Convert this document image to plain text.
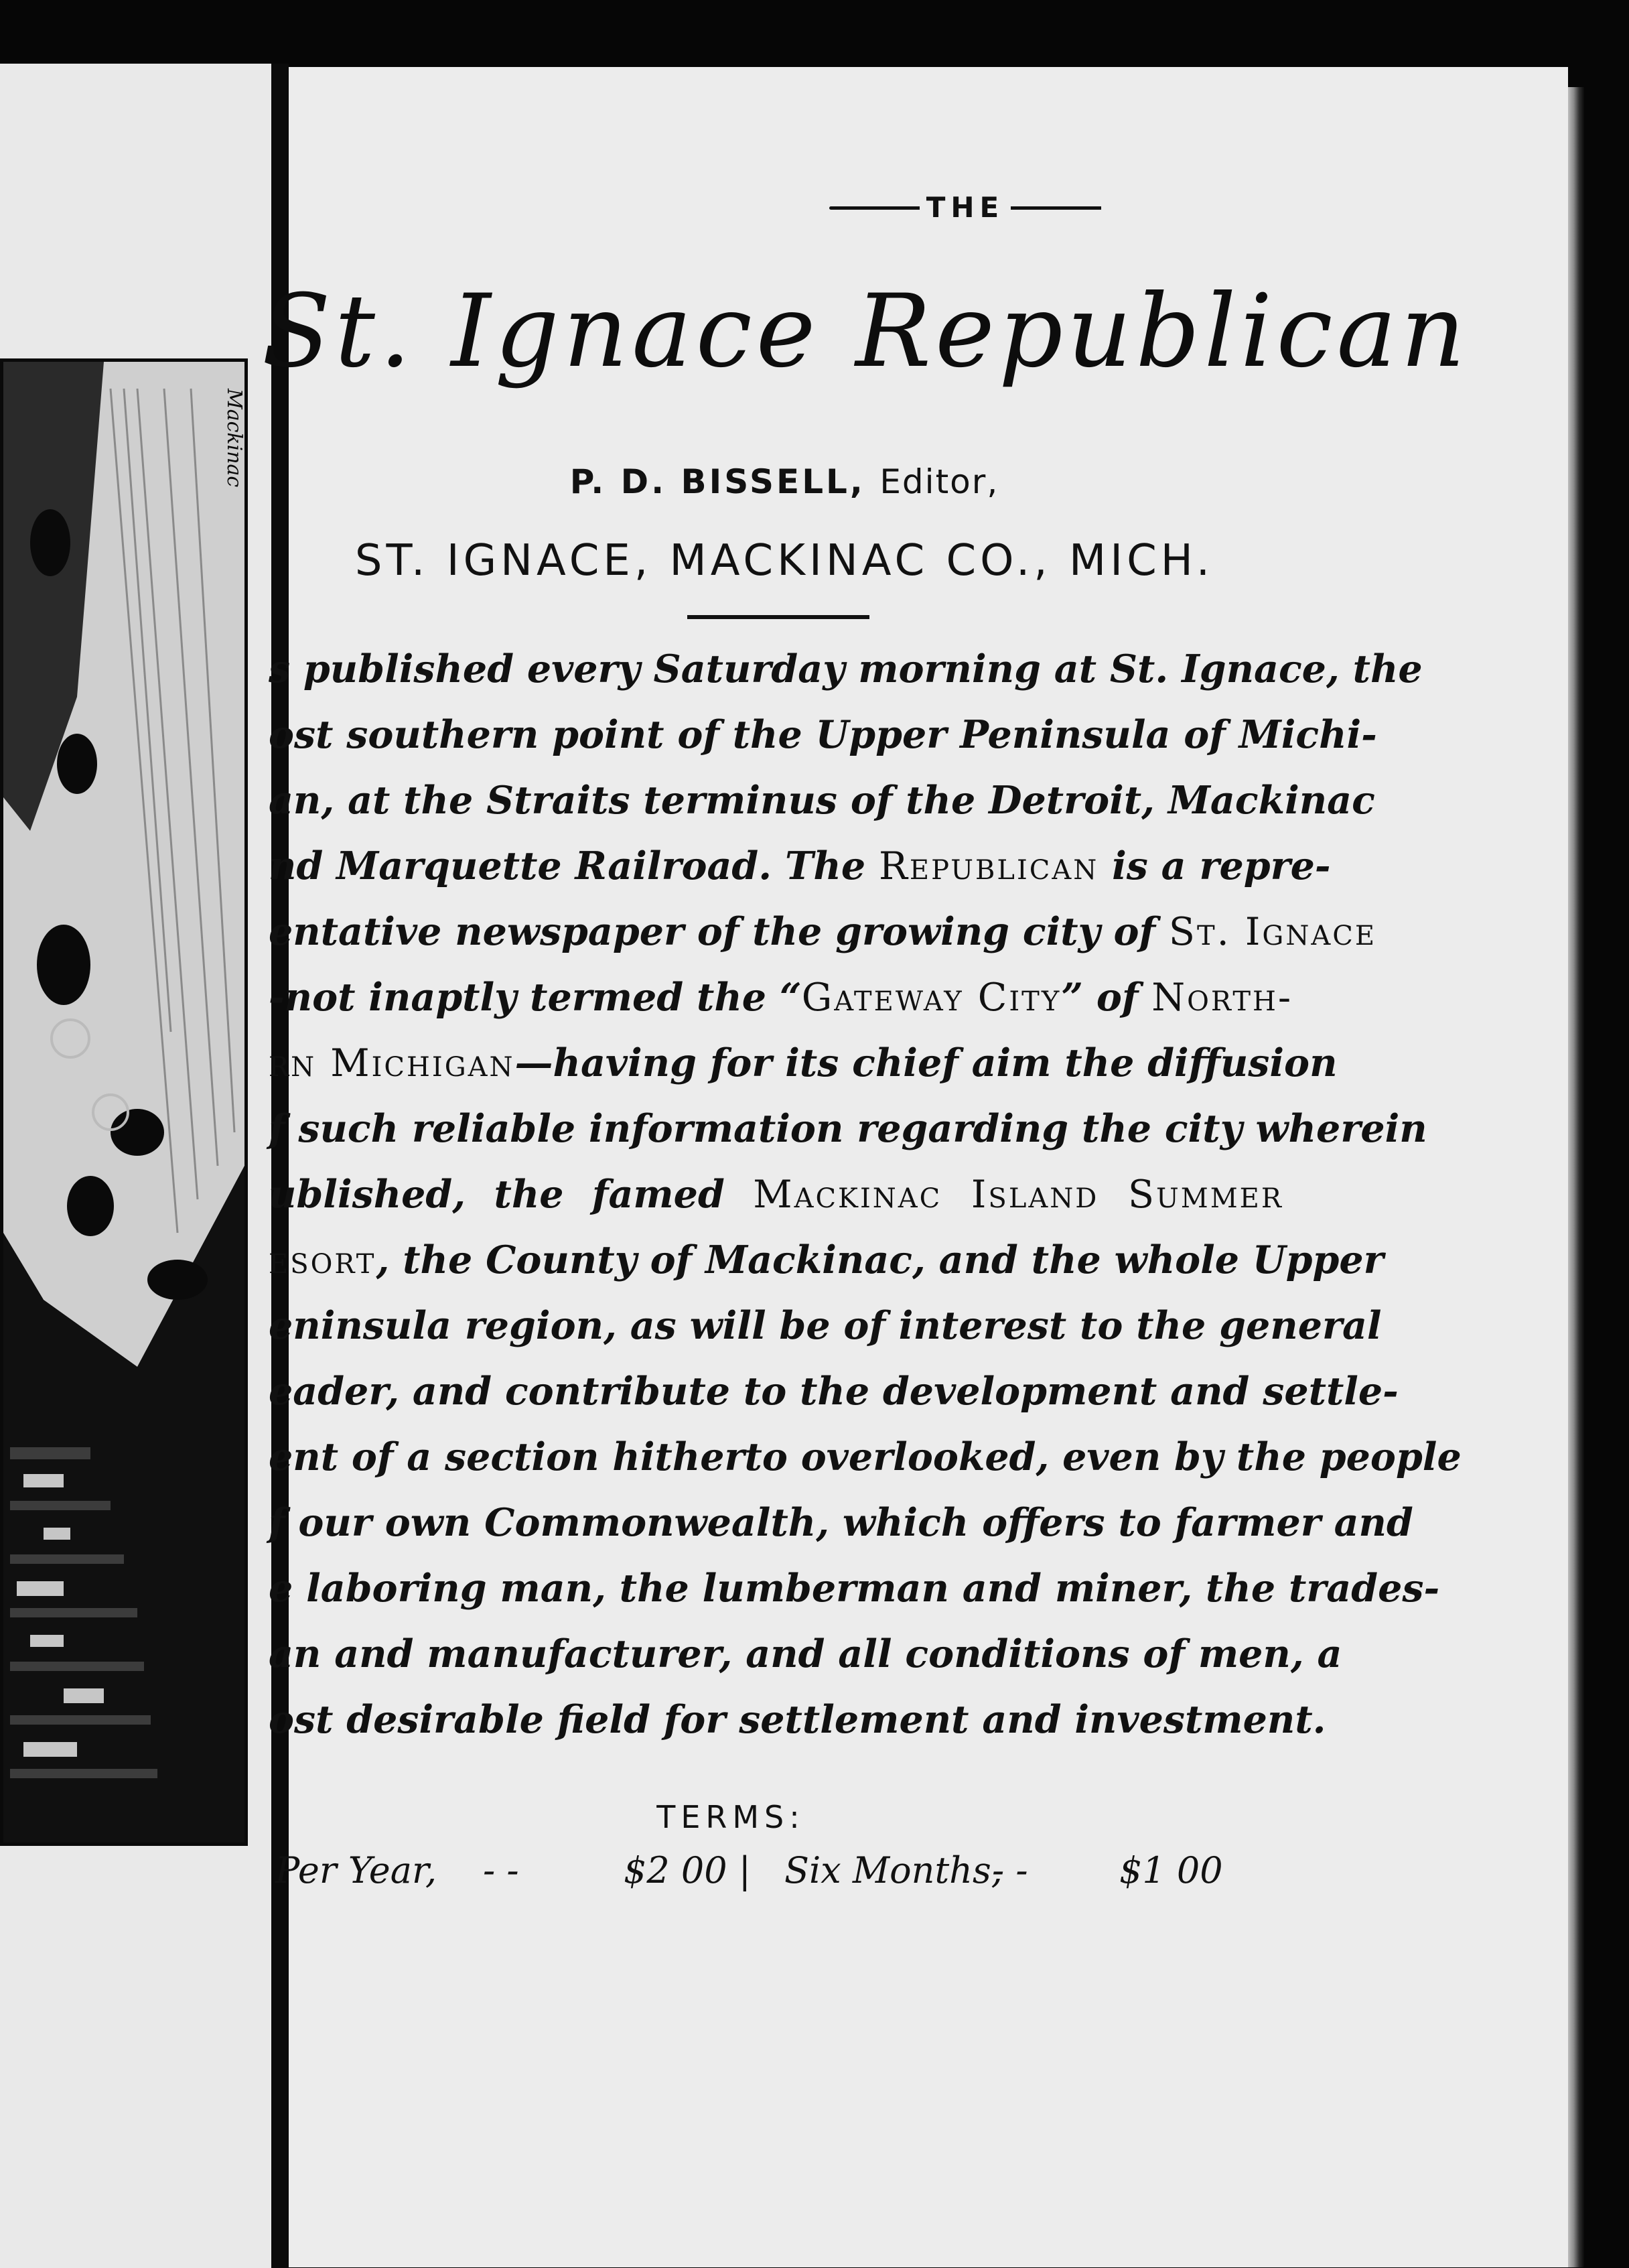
Mackinac
THE
St. Ignace Republican
P. D. BISSELL, Editor,
ST. IGNACE, MACKINAC CO., MICH.
s published every Saturday morning at St. Ignace, the
ost southern point of the Upper Peninsula of Michi-
an, at the Straits terminus of the Detroit, Mackinac
nd Marquette Railroad. The Republican is a repre-
entative newspaper of the growing city of St. Ignace
-not inaptly termed the “Gateway City” of North-
rn Michigan—having for its chief aim the diffusion
f such reliable information regarding the city wherein
ublished, the famed Mackinac Island Summer
esort, the County of Mackinac, and the whole Upper
eninsula region, as will be of interest to the general
eader, and contribute to the development and settle-
ent of a section hitherto overlooked, even by the people
f our own Commonwealth, which offers to farmer and
e laboring man, the lumberman and miner, the trades-
an and manufacturer, and all conditions of men, a
ost desirable field for settlement and investment.
TERMS:
Per Year, - -	$2 00 | Six Months,
- -	$1 00
